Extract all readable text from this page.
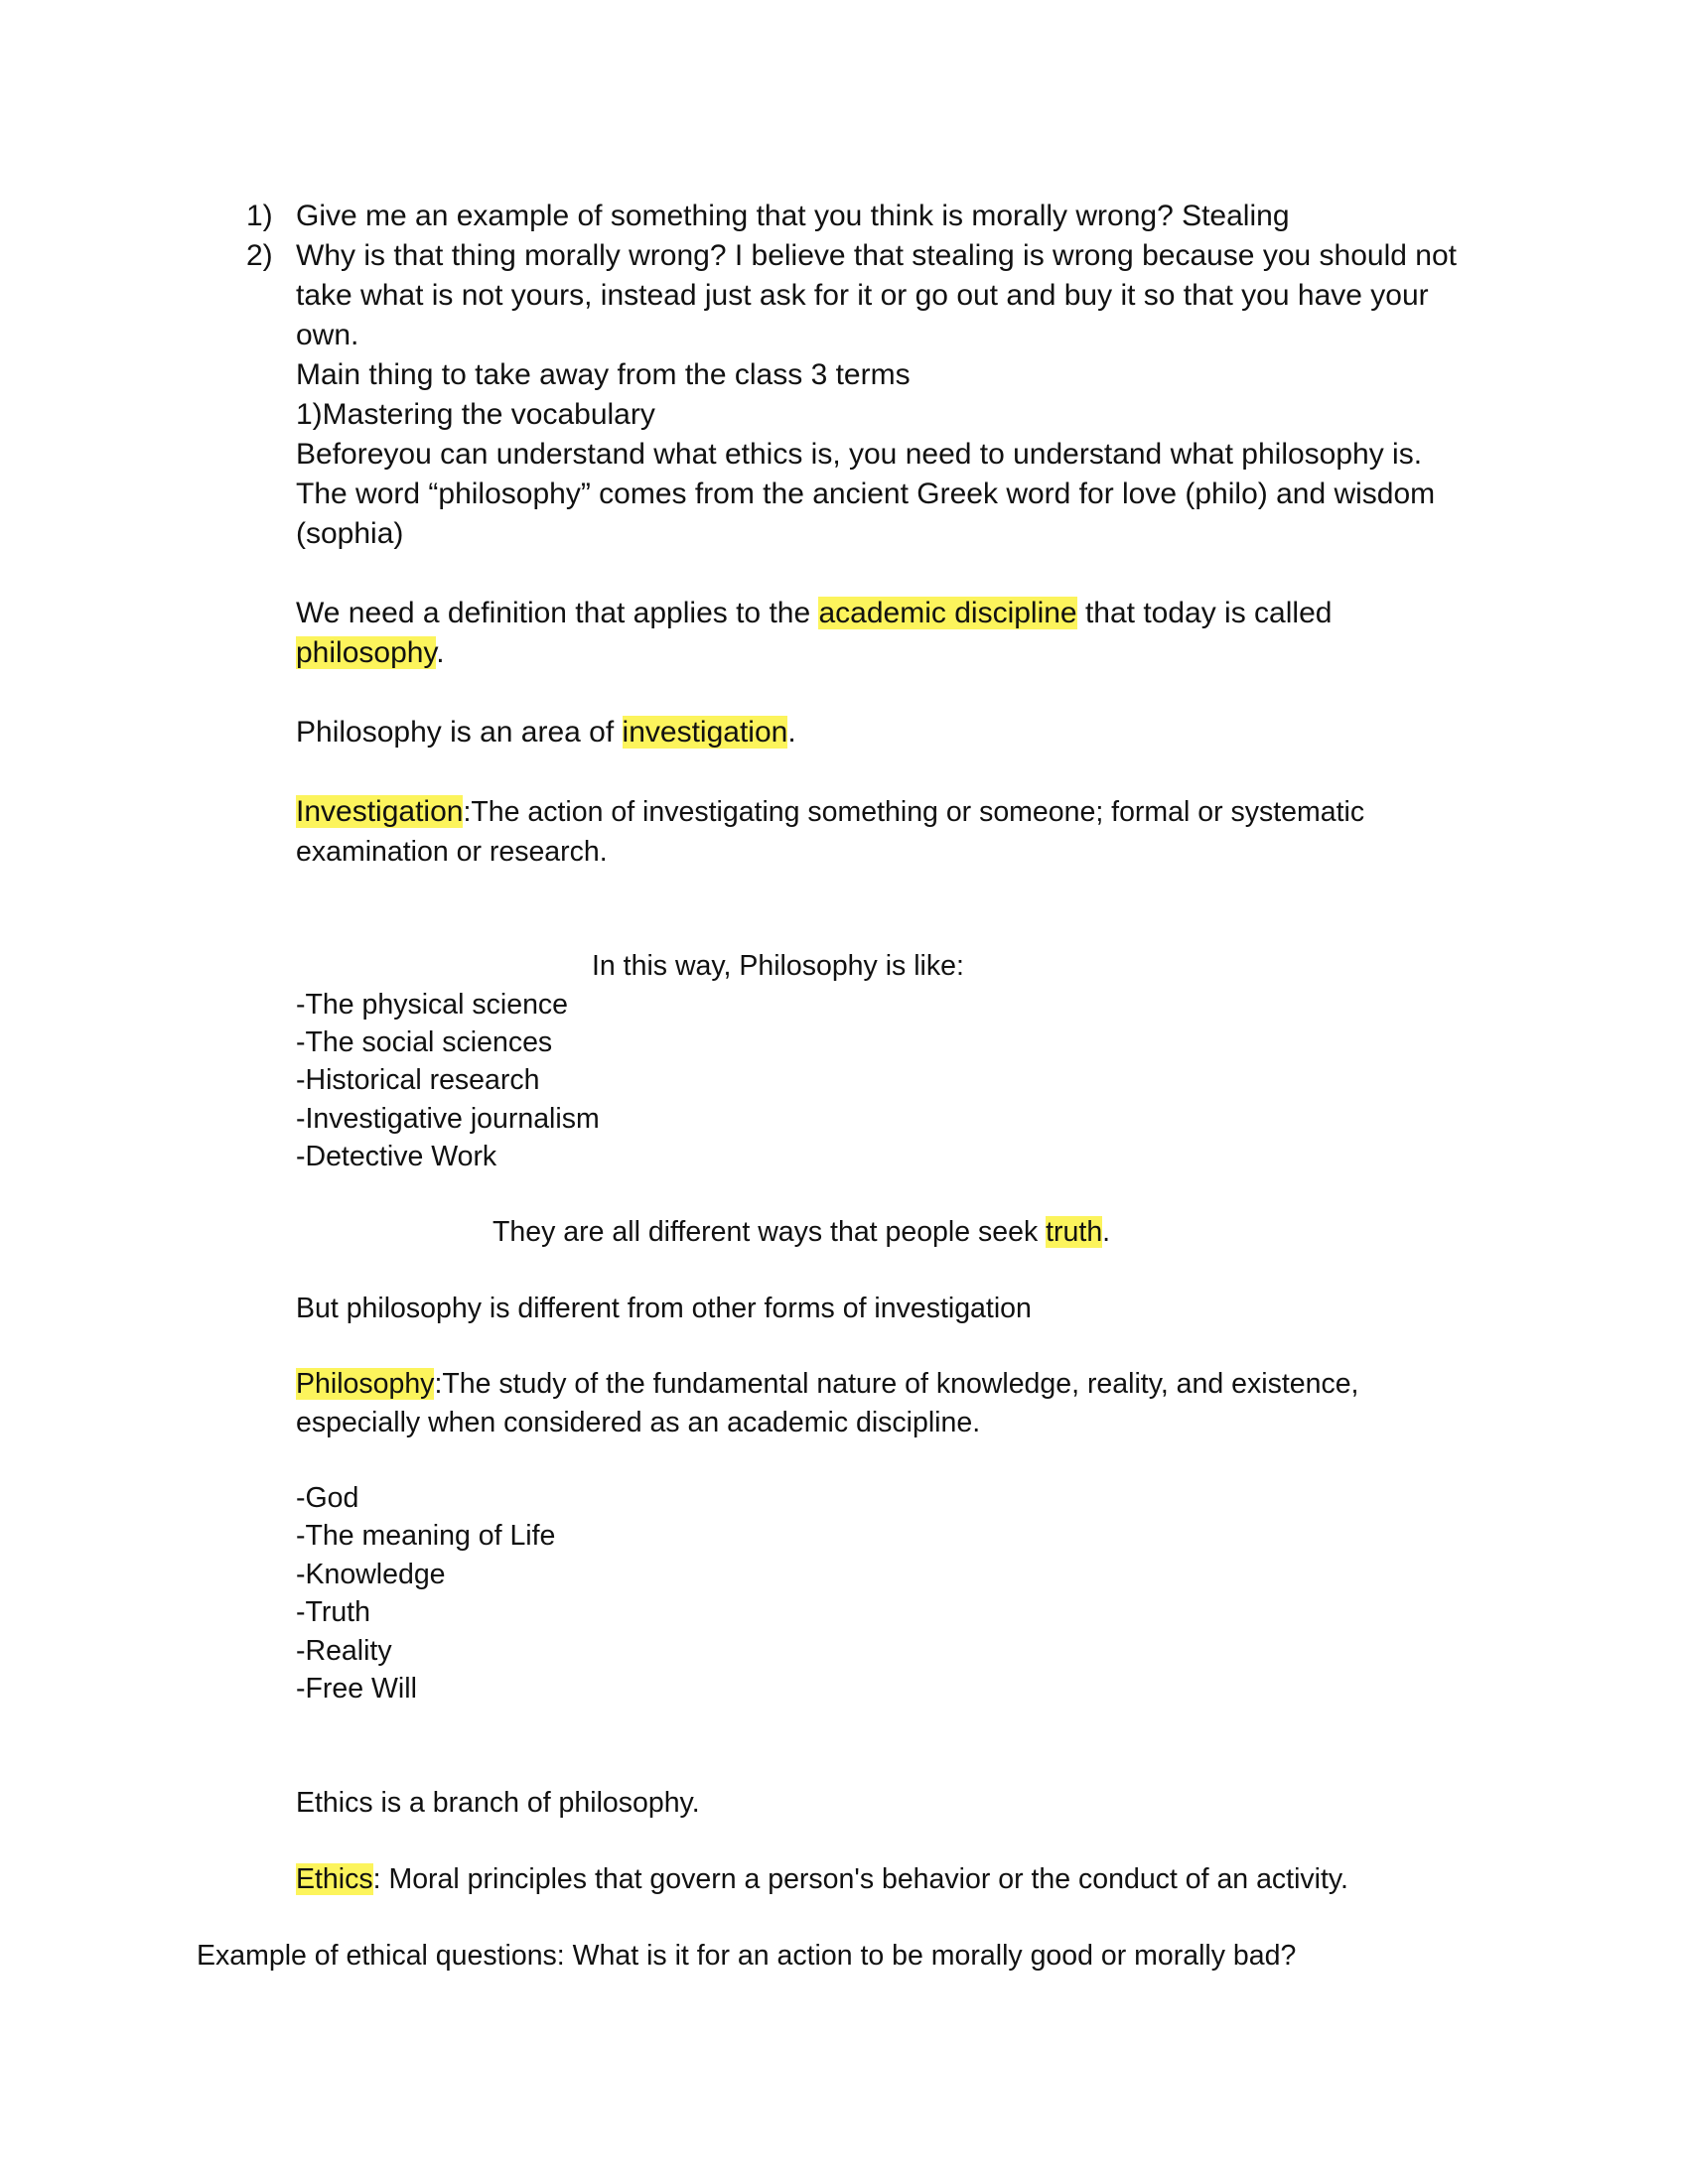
1) Give me an example of something that you think is morally wrong? Stealing
2) Why is that thing morally wrong? I believe that stealing is wrong because you should not
take what is not yours, instead just ask for it or go out and buy it so that you have your
own.
Main thing to take away from the class 3 terms
1)Mastering the vocabulary
Beforeyou can understand what ethics is, you need to understand what philosophy is.
The word “philosophy” comes from the ancient Greek word for love (philo) and wisdom
(sophia)
We need a definition that applies to the academic discipline that today is called
philosophy.
Philosophy is an area of investigation.
Investigation:The action of investigating something or someone; formal or systematic
examination or research.
In this way, Philosophy is like:
-The physical science
-The social sciences
-Historical research
-Investigative journalism
-Detective Work
They are all different ways that people seek truth.
But philosophy is different from other forms of investigation
Philosophy:The study of the fundamental nature of knowledge, reality, and existence,
especially when considered as an academic discipline.
-God
-The meaning of Life
-Knowledge
-Truth
-Reality
-Free Will
Ethics is a branch of philosophy.
Ethics: Moral principles that govern a person's behavior or the conduct of an activity.
Example of ethical questions: What is it for an action to be morally good or morally bad?
